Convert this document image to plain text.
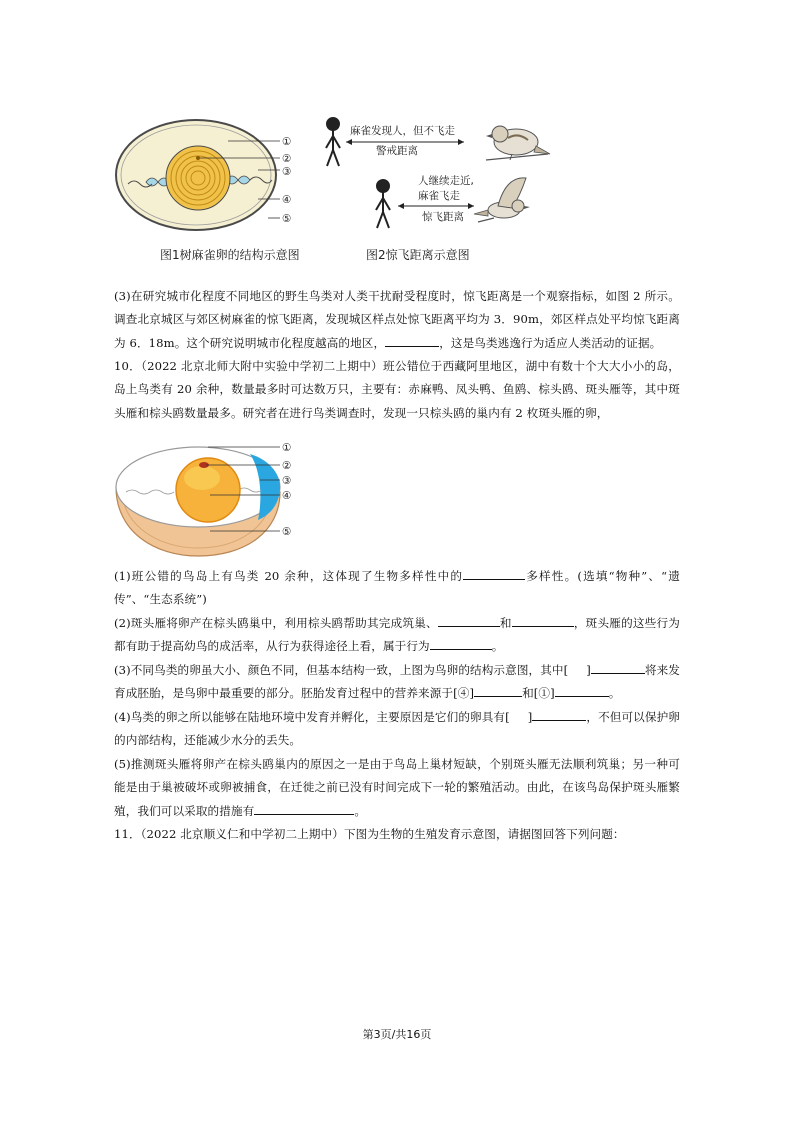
①
②
③
④
⑤
图1树麻雀卵的结构示意图
麻雀发现人，但不飞走
警戒距离
人继续走近,
麻雀飞走
惊飞距离
图2惊飞距离示意图
(3)在研究城市化程度不同地区的野生鸟类对人类干扰耐受程度时，惊飞距离是一个观察指标，如图 2 所示。调查北京城区与郊区树麻雀的惊飞距离，发现城区样点处惊飞距离平均为 3．90m，郊区样点处平均惊飞距离为 6．18m。这个研究说明城市化程度越高的地区，	，这是鸟类逃逸行为适应人类活动的证据。
10．（2022 北京北师大附中实验中学初二上期中）班公错位于西藏阿里地区，湖中有数十个大大小小的岛，岛上鸟类有 20 余种，数量最多时可达数万只，主要有：赤麻鸭、凤头鸭、鱼鸥、棕头鸥、斑头雁等，其中斑头雁和棕头鸥数量最多。研究者在进行鸟类调查时，发现一只棕头鸥的巢内有 2 枚斑头雁的卵，
①
②
③
④
⑤
(1)班公错的鸟岛上有鸟类 20 余种，这体现了生物多样性中的	多样性。(选填“物种”、“遗传”、“生态系统”)
(2)斑头雁将卵产在棕头鸥巢中，利用棕头鸥帮助其完成筑巢、	和	，斑头雁的这些行为都有助于提高幼鸟的成活率，从行为获得途径上看，属于行为	。
(3)不同鸟类的卵虽大小、颜色不同，但基本结构一致，上图为鸟卵的结构示意图，其中[ ]	将来发育成胚胎，是鸟卵中最重要的部分。胚胎发育过程中的营养来源于[④]	和[①]	。
(4)鸟类的卵之所以能够在陆地环境中发育并孵化，主要原因是它们的卵具有[ ]	，不但可以保护卵的内部结构，还能减少水分的丢失。
(5)推测斑头雁将卵产在棕头鸥巢内的原因之一是由于鸟岛上巢材短缺，个别斑头雁无法顺利筑巢；另一种可能是由于巢被破坏或卵被捕食，在迁徙之前已没有时间完成下一轮的繁殖活动。由此，在该鸟岛保护斑头雁繁殖，我们可以采取的措施有	。
11．（2022 北京顺义仁和中学初二上期中）下图为生物的生殖发育示意图，请据图回答下列问题：
第3页/共16页
